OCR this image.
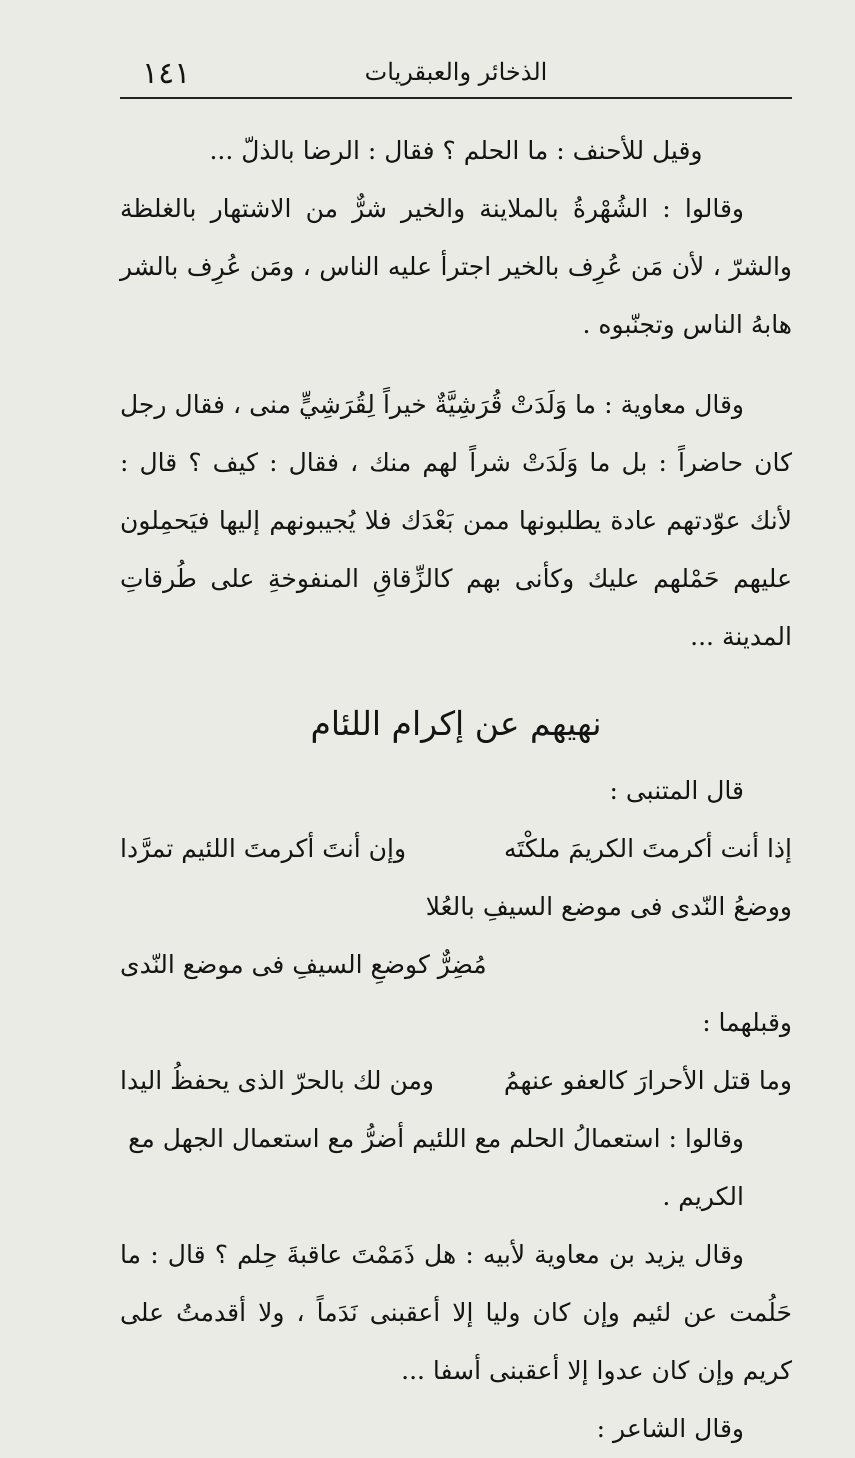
١٤١	الذخائر والعبقريات

وقيل للأحنف : ما الحلم ؟ فقال : الرضا بالذلّ ...

وقالوا : الشُهْرةُ بالملاينة والخير شرٌّ من الاشتهار بالغلظة والشرّ ، لأن مَن عُرِف بالخير اجترأ عليه الناس ، ومَن عُرِف بالشر هابهُ الناس وتجنّبوه .

وقال معاوية : ما وَلَدَتْ قُرَشِيَّةٌ خيراً لِقُرَشِيٍّ منى ، فقال رجل كان حاضراً : بل ما وَلَدَتْ شراً لهم منك ، فقال : كيف ؟ قال : لأنك عوّدتهم عادة يطلبونها ممن بَعْدَك فلا يُجيبونهم إليها فيَحمِلون عليهم حَمْلهم عليك وكأنى بهم كالزِّقاقِ المنفوخةِ على طُرقاتِ المدينة ...

نهيهم عن إكرام اللئام

قال المتنبى :

إذا أنت أكرمتَ الكريمَ ملكْتَه
وإن أنتَ أكرمتَ اللئيم تمرَّدا

ووضعُ النّدى فى موضع السيفِ بالعُلا

مُضِرٌّ كوضعِ السيفِ فى موضع النّدى

وقبلهما :

وما قتل الأحرارَ كالعفو عنهمُ
ومن لك بالحرّ الذى يحفظُ اليدا

وقالوا : استعمالُ الحلم مع اللئيم أضرُّ مع استعمال الجهل مع الكريم .

وقال يزيد بن معاوية لأبيه : هل ذَمَمْتَ عاقبةَ حِلم ؟ قال : ما حَلُمت عن لئيم وإن كان وليا إلا أعقبنى نَدَماً ، ولا أقدمتُ على كريم وإن كان عدوا إلا أعقبنى أسفا ...

وقال الشاعر :
